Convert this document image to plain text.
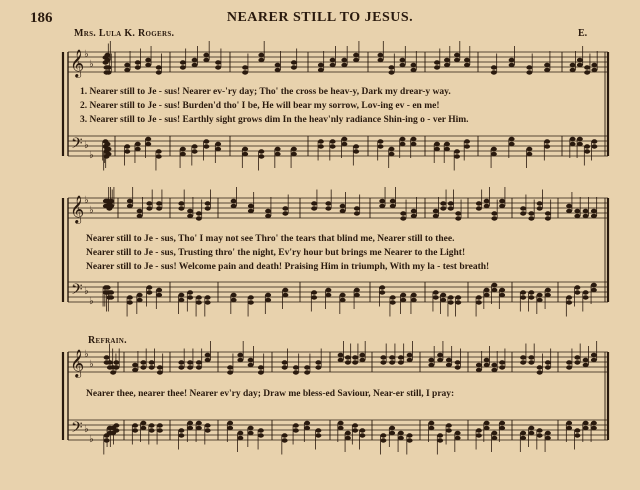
186	NEARER STILL TO JESUS.
Mrs. Lula K. Rogers.	E.
Refrain.
𝄞
𝄢
♭
♭
♭
♭
𝄞
𝄢
♭
♭
♭
♭
𝄞
𝄢
♭
♭
♭
♭
1. Nearer still to Je - sus! Nearer ev-'ry day; Tho' the cross be heav-y, Dark my drear-y way.
2. Nearer still to Je - sus! Burden'd tho' I be, He will bear my sorrow, Lov-ing ev - en me!
3. Nearer still to Je - sus! Earthly sight grows dim In the heav'nly radiance Shin-ing o - ver Him.
Nearer still to Je - sus, Tho' I may not see Thro' the tears that blind me, Nearer still to thee.
Nearer still to Je - sus, Trusting thro' the night, Ev'ry hour but brings me Nearer to the Light!
Nearer still to Je - sus! Welcome pain and death! Praising Him in triumph, With my la - test breath!
Nearer thee, nearer thee! Nearer ev'ry day; Draw me bless-ed Saviour, Near-er still, I pray:
